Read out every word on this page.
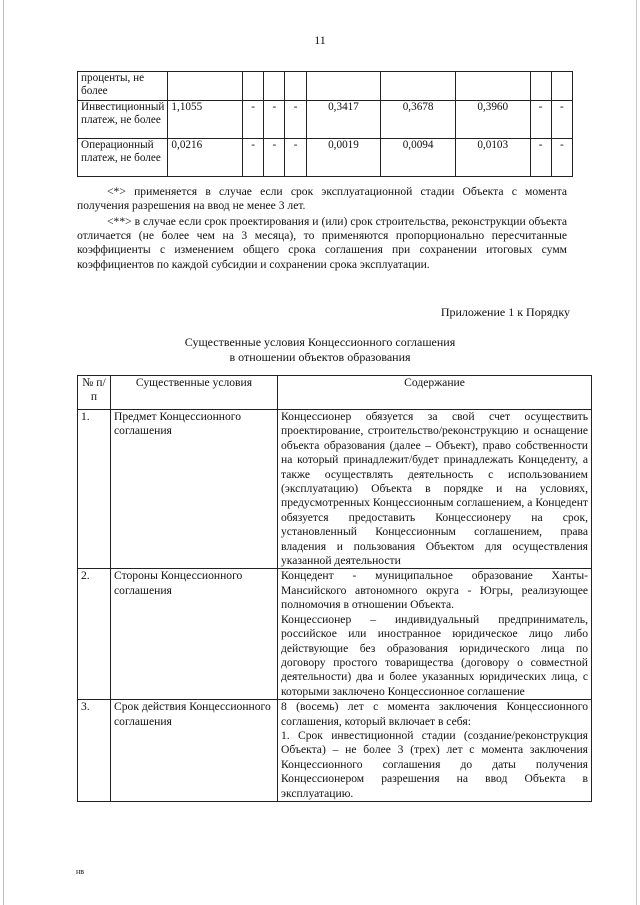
11
проценты, не более									
Инвестиционный платеж, не более	1,1055	-	-	-	0,3417	0,3678	0,3960	-	-
Операционный платеж, не более	0,0216	-	-	-	0,0019	0,0094	0,0103	-	-

<*> применяется в случае если срок эксплуатационной стадии Объекта с момента получения разрешения на ввод не менее 3 лет.

<**> в случае если срок проектирования и (или) срок строительства, реконструкции объекта отличается (не более чем на 3 месяца), то применяются пропорционально пересчитанные коэффициенты с изменением общего срока соглашения при сохранении итоговых сумм коэффициентов по каждой субсидии и сохранении срока эксплуатации.

Приложение 1 к Порядку
Существенные условия Концессионного соглашения
в отношении объектов образования
№ п/п	Существенные условия	Содержание
1.	Предмет Концессионного соглашения	Концессионер обязуется за свой счет осуществить проектирование, строительство/реконструкцию и оснащение объекта образования (далее – Объект), право собственности на который принадлежит/будет принадлежать Концеденту, а также осуществлять деятельность с использованием (эксплуатацию) Объекта в порядке и на условиях, предусмотренных Концессионным соглашением, а Концедент обязуется предоставить Концессионеру на срок, установленный Концессионным соглашением, права владения и пользования Объектом для осуществления указанной деятельности

2.	Стороны Концессионного соглашения	Концедент - муниципальное образование Ханты-Мансийского автономного округа - Югры, реализующее полномочия в отношении Объекта.
Концессионер – индивидуальный предприниматель, российское или иностранное юридическое лицо либо действующие без образования юридического лица по договору простого товарищества (договору о совместной деятельности) два и более указанных юридических лица, с которыми заключено Концессионное соглашение

3.	Срок действия Концессионного соглашения	8 (восемь) лет с момента заключения Концессионного соглашения, который включает в себя:
1. Срок инвестиционной стадии (создание/реконструкция Объекта) – не более 3 (трех) лет с момента заключения Концессионного соглашения до даты получения Концессионером разрешения на ввод Объекта в эксплуатацию.
нв
